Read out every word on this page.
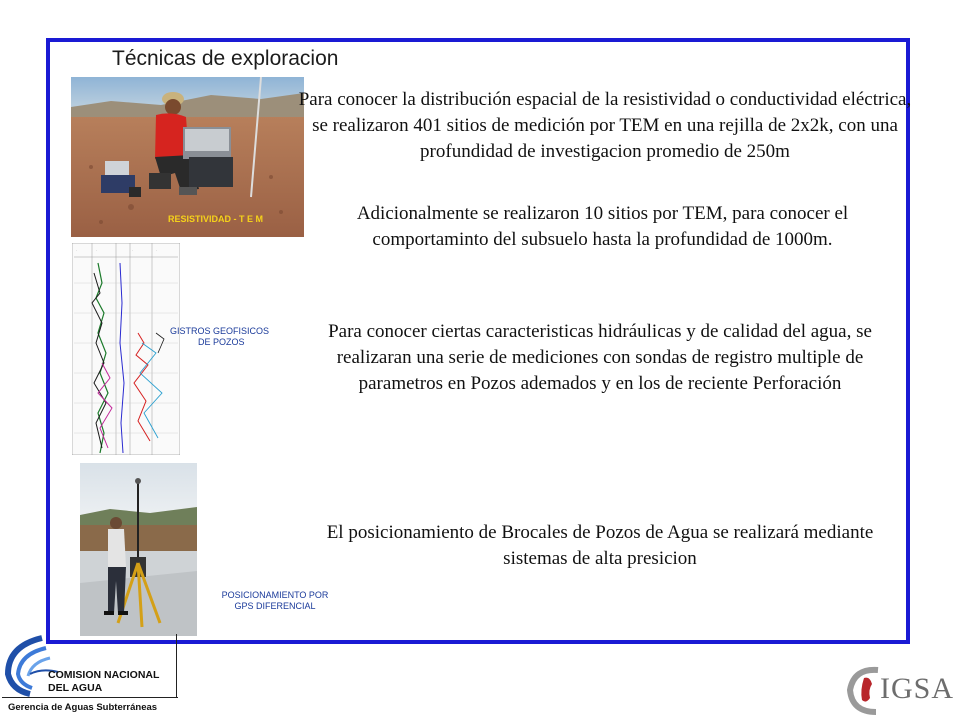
Técnicas de exploracion
RESISTIVIDAD - T E M
.	.	.	.
GISTROS GEOFISICOS
DE POZOS
POSICIONAMIENTO POR
GPS DIFERENCIAL
Para conocer la distribución espacial de la resistividad o conductividad eléctrica, se realizaron 401 sitios de medición por TEM en una rejilla de 2x2k, con una profundidad de investigacion promedio de 250m
Adicionalmente se realizaron 10 sitios por TEM, para conocer el comportaminto del subsuelo hasta la profundidad de 1000m.
Para conocer ciertas caracteristicas hidráulicas y de calidad del agua, se realizaran una serie de mediciones con sondas de registro multiple de parametros en Pozos ademados y en los de reciente Perforación
El posicionamiento de Brocales de Pozos de Agua se realizará mediante sistemas de alta presicion
COMISION NACIONAL
DEL AGUA
Gerencia de Aguas Subterráneas
IGSA
